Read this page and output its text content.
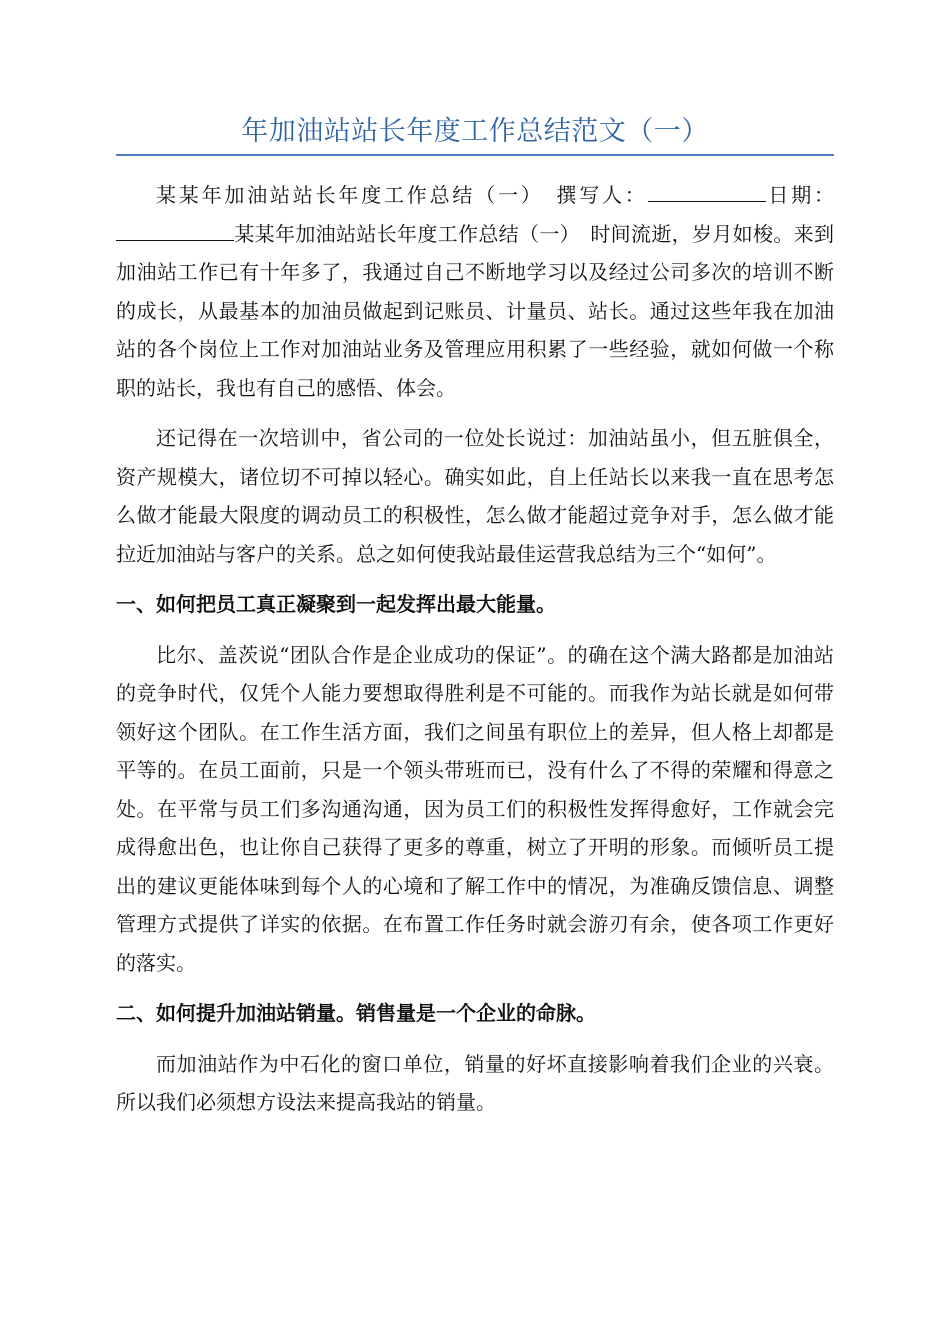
年加油站站长年度工作总结范文（一）

某某年加油站站长年度工作总结（一）　撰写人：	日期：某某年加油站站长年度工作总结（一）　时间流逝，岁月如梭。来到加油站工作已有十年多了，我通过自己不断地学习以及经过公司多次的培训不断的成长，从最基本的加油员做起到记账员、计量员、站长。通过这些年我在加油站的各个岗位上工作对加油站业务及管理应用积累了一些经验，就如何做一个称职的站长，我也有自己的感悟、体会。

还记得在一次培训中，省公司的一位处长说过：加油站虽小，但五脏俱全，资产规模大，诸位切不可掉以轻心。确实如此，自上任站长以来我一直在思考怎么做才能最大限度的调动员工的积极性，怎么做才能超过竞争对手，怎么做才能拉近加油站与客户的关系。总之如何使我站最佳运营我总结为三个“如何”。

一、如何把员工真正凝聚到一起发挥出最大能量。

比尔、盖茨说“团队合作是企业成功的保证”。的确在这个满大路都是加油站的竞争时代，仅凭个人能力要想取得胜利是不可能的。而我作为站长就是如何带领好这个团队。在工作生活方面，我们之间虽有职位上的差异，但人格上却都是平等的。在员工面前，只是一个领头带班而已，没有什么了不得的荣耀和得意之处。在平常与员工们多沟通沟通，因为员工们的积极性发挥得愈好，工作就会完成得愈出色，也让你自己获得了更多的尊重，树立了开明的形象。而倾听员工提出的建议更能体味到每个人的心境和了解工作中的情况，为准确反馈信息、调整管理方式提供了详实的依据。在布置工作任务时就会游刃有余，使各项工作更好的落实。

二、如何提升加油站销量。销售量是一个企业的命脉。

而加油站作为中石化的窗口单位，销量的好坏直接影响着我们企业的兴衰。所以我们必须想方设法来提高我站的销量。
